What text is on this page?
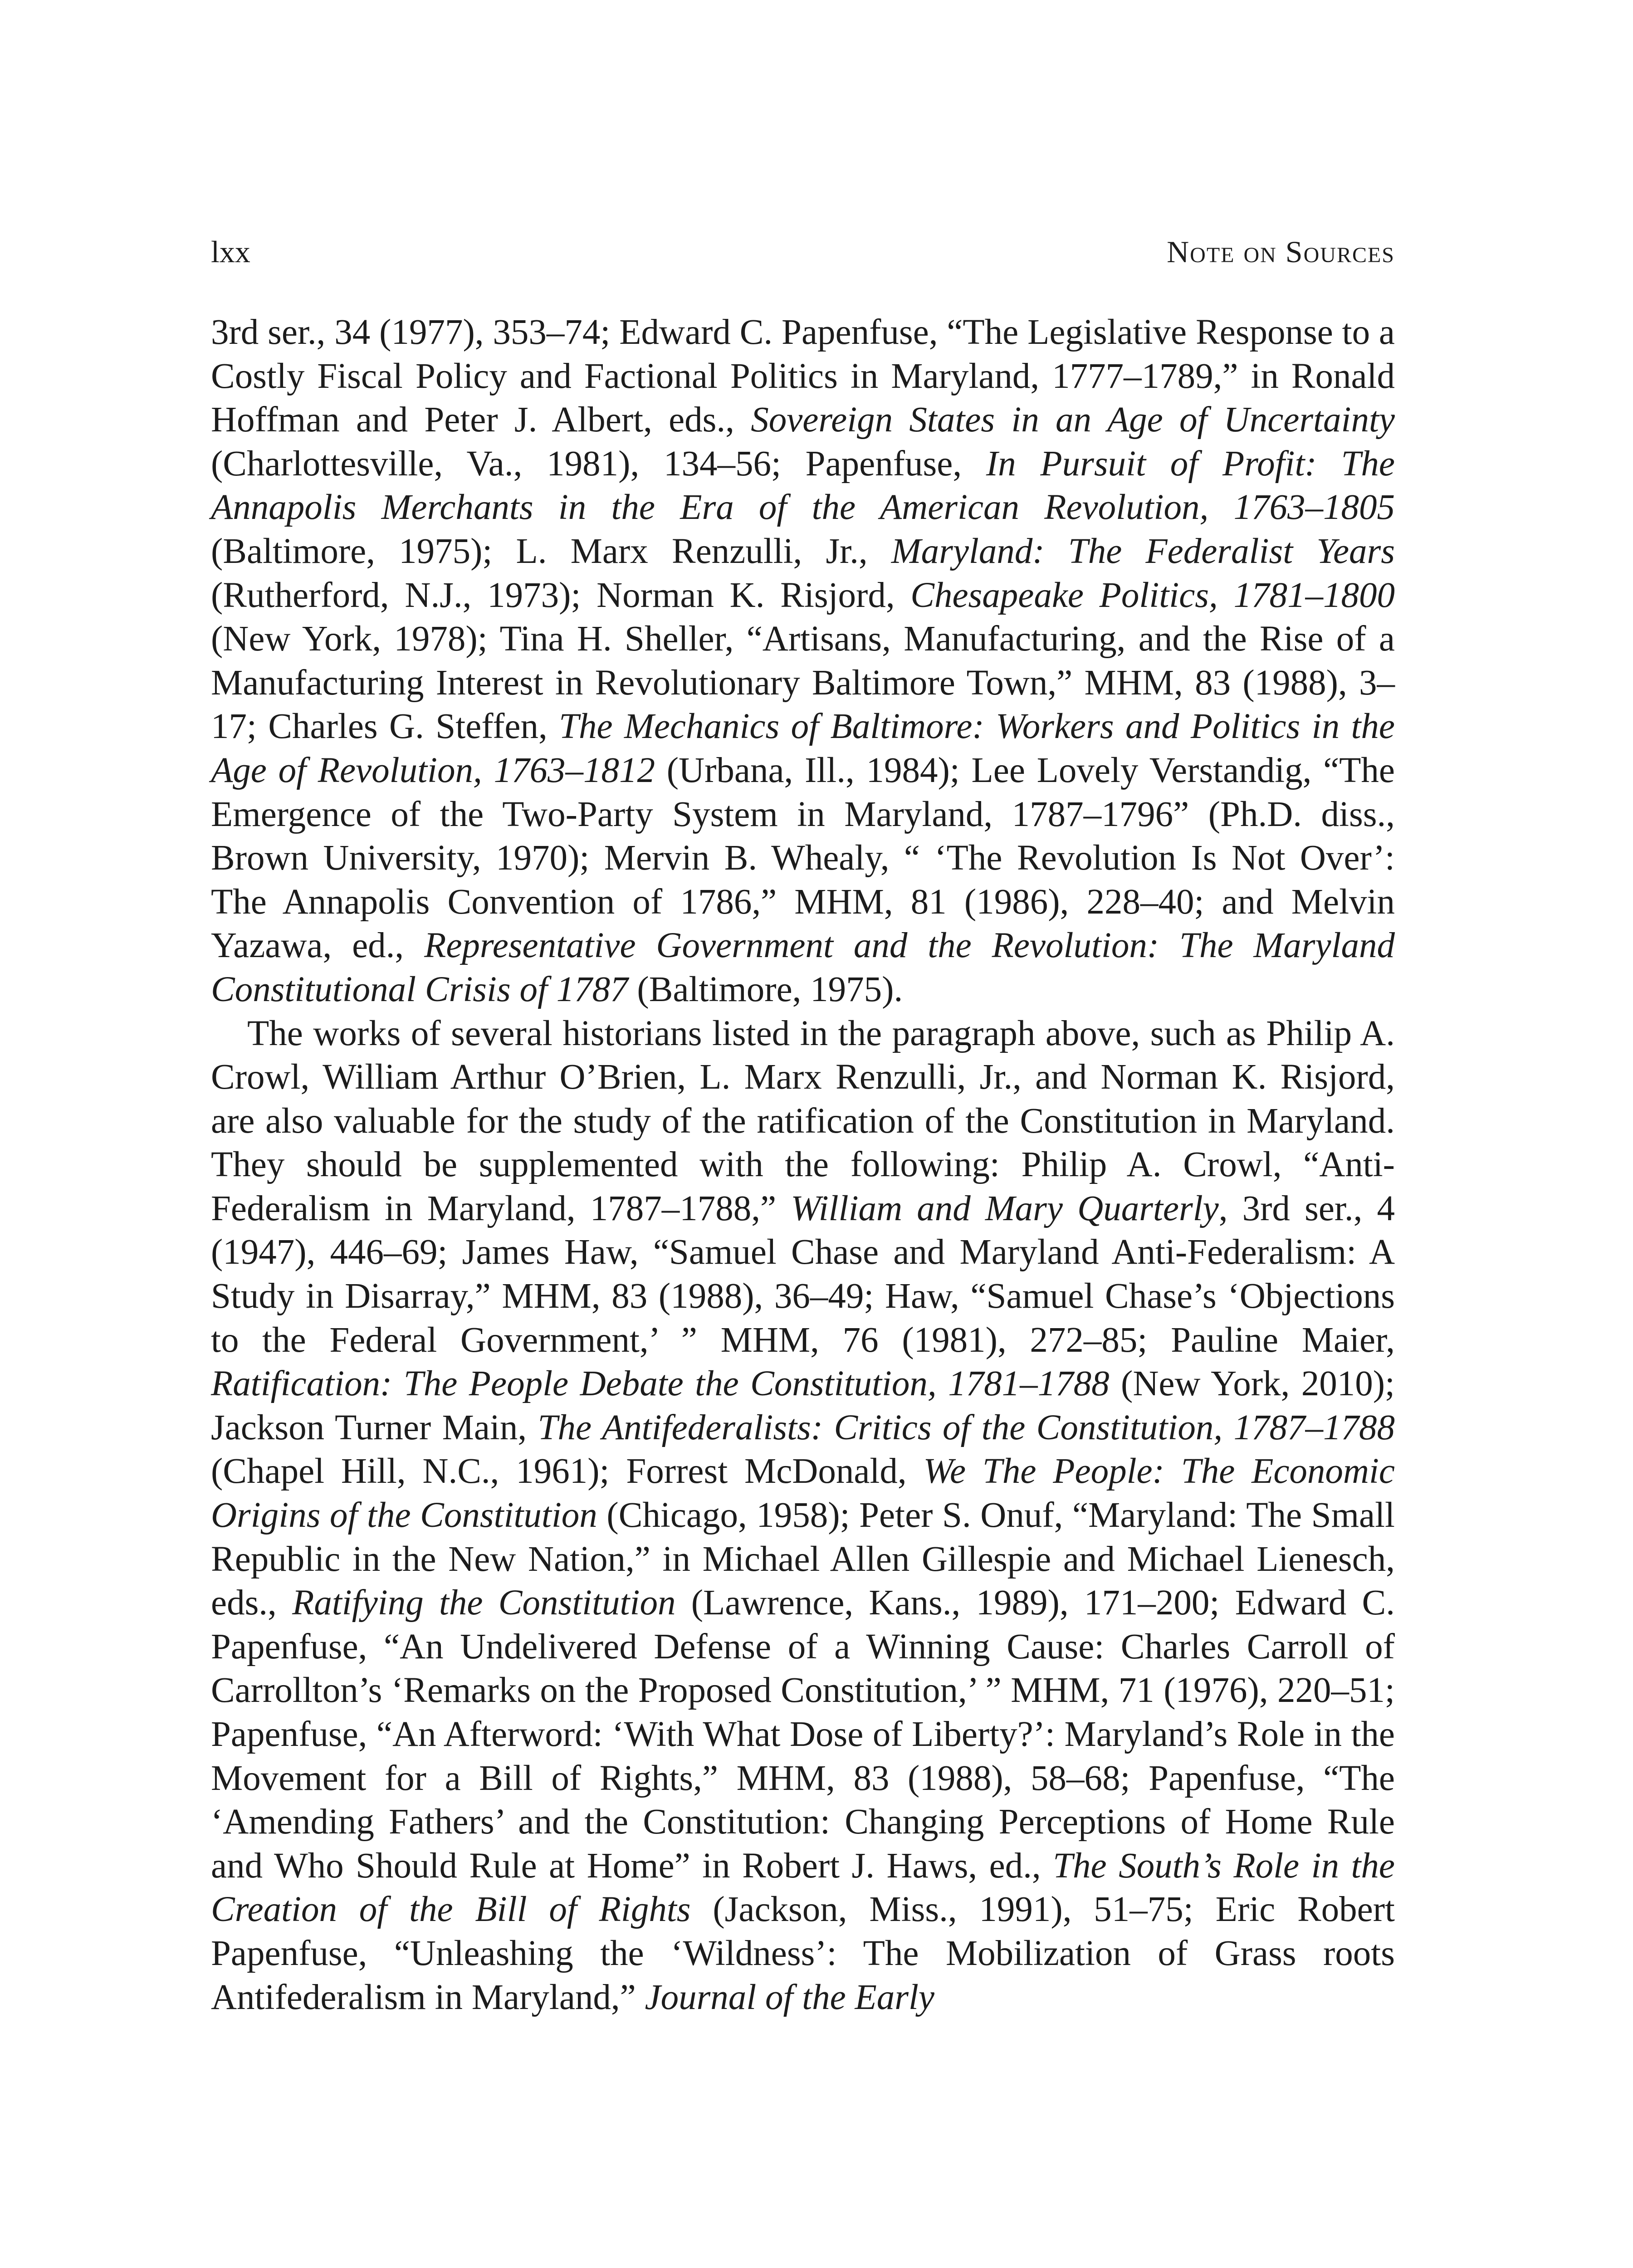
lxx	Note on Sources

3rd ser., 34 (1977), 353–74; Edward C. Papenfuse, “The Legislative Response to a Costly Fiscal Policy and Factional Politics in Maryland, 1777–1789,” in Ronald Hoffman and Peter J. Albert, eds., Sovereign States in an Age of Uncertainty (Charlottesville, Va., 1981), 134–56; Papenfuse, In Pursuit of Profit: The Annapolis Merchants in the Era of the American Revolution, 1763–1805 (Baltimore, 1975); L. Marx Renzulli, Jr., Maryland: The Federalist Years (Rutherford, N.J., 1973); Norman K. Risjord, Chesapeake Politics, 1781–1800 (New York, 1978); Tina H. Sheller, “Artisans, Manufacturing, and the Rise of a Manufacturing Interest in Revolutionary Baltimore Town,” MHM, 83 (1988), 3–17; Charles G. Steffen, The Mechanics of Baltimore: Workers and Politics in the Age of Revolution, 1763–1812 (Urbana, Ill., 1984); Lee Lovely Verstandig, “The Emergence of the Two-Party System in Maryland, 1787–1796” (Ph.D. diss., Brown University, 1970); Mervin B. Whealy, “ ‘The Revolution Is Not Over’: The Annapolis Convention of 1786,” MHM, 81 (1986), 228–40; and Melvin Yazawa, ed., Representative Government and the Revolution: The Maryland Constitutional Crisis of 1787 (Baltimore, 1975).

The works of several historians listed in the paragraph above, such as Philip A. Crowl, William Arthur O’Brien, L. Marx Renzulli, Jr., and Norman K. Risjord, are also valuable for the study of the ratification of the Constitution in Maryland. They should be supplemented with the following: Philip A. Crowl, “Anti-Federalism in Maryland, 1787–1788,” William and Mary Quarterly, 3rd ser., 4 (1947), 446–69; James Haw, “Samuel Chase and Maryland Anti-Federalism: A Study in Disarray,” MHM, 83 (1988), 36–49; Haw, “Samuel Chase’s ‘Objections to the Federal Government,’ ” MHM, 76 (1981), 272–85; Pauline Maier, Ratification: The People Debate the Constitution, 1781–1788 (New York, 2010); Jackson Turner Main, The Antifederalists: Critics of the Constitution, 1787–1788 (Chapel Hill, N.C., 1961); Forrest McDonald, We The People: The Economic Origins of the Constitution (Chicago, 1958); Peter S. Onuf, “Maryland: The Small Republic in the New Nation,” in Michael Allen Gillespie and Michael Lienesch, eds., Ratifying the Constitution (Lawrence, Kans., 1989), 171–200; Edward C. Papenfuse, “An Undelivered Defense of a Winning Cause: Charles Carroll of Carrollton’s ‘Remarks on the Proposed Constitution,’ ” MHM, 71 (1976), 220–51; Papenfuse, “An Afterword: ‘With What Dose of Liberty?’: Maryland’s Role in the Movement for a Bill of Rights,” MHM, 83 (1988), 58–68; Papenfuse, “The ‘Amending Fathers’ and the Constitution: Changing Perceptions of Home Rule and Who Should Rule at Home” in Robert J. Haws, ed., The South’s Role in the Creation of the Bill of Rights (Jackson, Miss., 1991), 51–75; Eric Robert Papenfuse, “Unleashing the ‘Wildness’: The Mobilization of Grass roots Antifederalism in Maryland,” Journal of the Early
